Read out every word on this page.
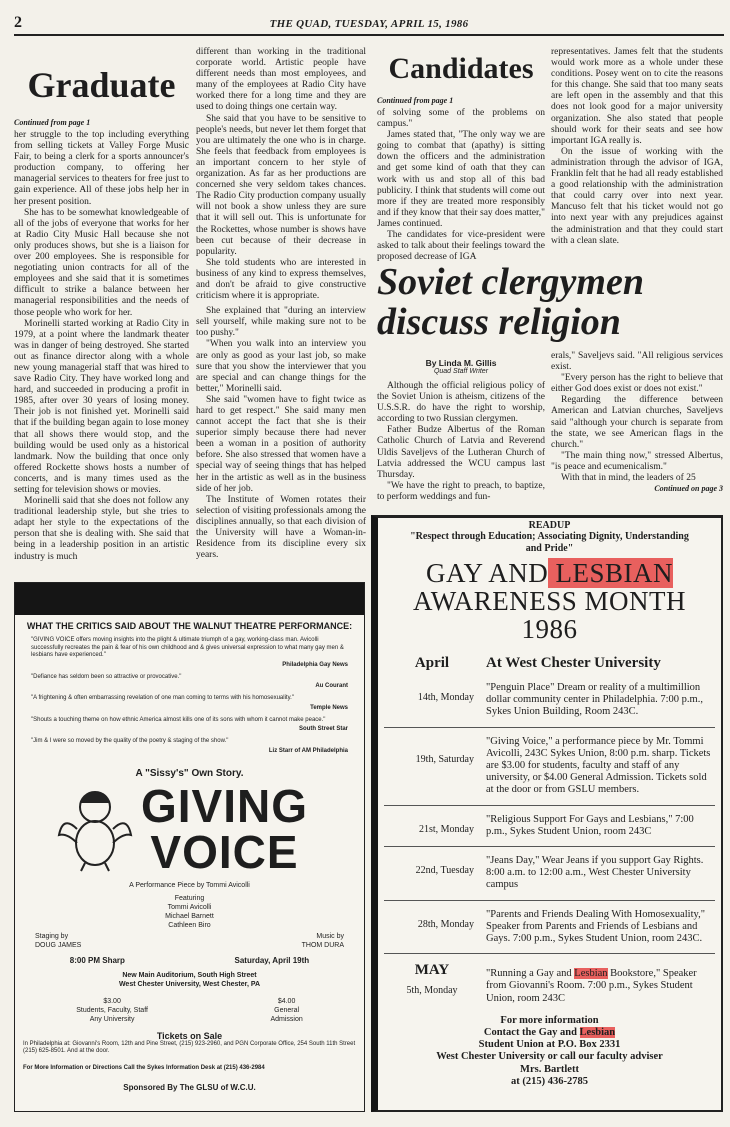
2	THE QUAD, TUESDAY, APRIL 15, 1986
Graduate
Continued from page 1

her struggle to the top including everything from selling tickets at Valley Forge Music Fair, to being a clerk for a sports announcer's production company, to offering her managerial services to theaters for free just to gain experience. All of these jobs help her in her present position.

She has to be somewhat knowledgeable of all of the jobs of everyone that works for her at Radio City Music Hall because she not only produces shows, but she is a liaison for over 200 employees. She is responsible for negotiating union contracts for all of the employees and she said that it is sometimes difficult to strike a balance between her managerial responsibilities and the needs of those people who work for her.

Morinelli started working at Radio City in 1979, at a point where the landmark theater was in danger of being destroyed. She started out as finance director along with a whole new young managerial staff that was hired to save Radio City. They have worked long and hard, and succeeded in producing a profit in 1985, after over 30 years of losing money. Their job is not finished yet. Morinelli said that if the building began again to lose money that all shows there would stop, and the building would be used only as a historical landmark. Now the building that once only offered Rockette shows hosts a number of concerts, and is many times used as the setting for television shows or movies.

Morinelli said that she does not follow any traditional leadership style, but she tries to adapt her style to the expectations of the person that she is dealing with. She said that being in a leadership position in an artistic industry is much

different than working in the traditional corporate world. Artistic people have different needs than most employees, and many of the employees at Radio City have worked there for a long time and they are used to doing things one certain way.

She said that you have to be sensitive to people's needs, but never let them forget that you are ultimately the one who is in charge. She feels that feedback from employees is an important concern to her style of organization. As far as her productions are concerned she very seldom takes chances. The Radio City production company usually will not book a show unless they are sure that it will sell out. This is unfortunate for the Rockettes, whose number is shows have been cut because of their decrease in popularity.

She told students who are interested in business of any kind to express themselves, and don't be afraid to give constructive criticism where it is appropriate.

She explained that "during an interview sell yourself, while making sure not to be too pushy."

"When you walk into an interview you are only as good as your last job, so make sure that you show the interviewer that you are special and can change things for the better," Morinelli said.

She said "women have to fight twice as hard to get respect." She said many men cannot accept the fact that she is their superior simply because there had never been a woman in a position of authority before. She also stressed that women have a special way of seeing things that has helped her in the artistic as well as in the business side of her job.

The Institute of Women rotates their selection of visiting professionals among the disciplines annually, so that each division of the University will have a Woman-in-Residence from its discipline every six years.

Candidates
Continued from page 1

of solving some of the problems on campus."

James stated that, "The only way we are going to combat that (apathy) is sitting down the officers and the administration and get some kind of oath that they can work with us and stop all of this bad publicity. I think that students will come out more if they are treated more responsibly and if they know that their say does matter," James continued.

The candidates for vice-president were asked to talk about their feelings toward the proposed decrease of IGA

representatives. James felt that the students would work more as a whole under these conditions. Posey went on to cite the reasons for this change. She said that too many seats are left open in the assembly and that this does not look good for a major university organization. She also stated that people should work for their seats and see how important IGA really is.

On the issue of working with the administration through the advisor of IGA, Franklin felt that he had all ready established a good relationship with the administration that could carry over into next year. Mancuso felt that his ticket would not go into next year with any prejudices against the administration and that they could start with a clean slate.

Soviet clergymen
discuss religion
By Linda M. Gillis
Quad Staff Writer

Although the official religious policy of the Soviet Union is atheism, citizens of the U.S.S.R. do have the right to worship, according to two Russian clergymen.

Father Budze Albertus of the Roman Catholic Church of Latvia and Reverend Uldis Saveljevs of the Lutheran Church of Latvia addressed the WCU campus last Thursday.

"We have the right to preach, to baptize, to perform weddings and fun-

erals," Saveljevs said. "All religious services exist.

"Every person has the right to believe that either God does exist or does not exist."

Regarding the difference between American and Latvian churches, Saveljevs said "although your church is separate from the state, we see American flags in the church."

"The main thing now," stressed Albertus, "is peace and ecumenicalism."

With that in mind, the leaders of 25

Continued on page 3
WHAT THE CRITICS SAID ABOUT THE WALNUT THEATRE PERFORMANCE:
"GIVING VOICE offers moving insights into the plight & ultimate triumph of a gay, working-class man. Avicolli successfully recreates the pain & fear of his own childhood and & gives universal expression to what many gay men & lesbians have experienced."
Philadelphia Gay News
"Defiance has seldom been so attractive or provocative."
Au Courant
"A frightening & often embarrassing revelation of one man coming to terms with his homosexuality."
Temple News
"Shouts a touching theme on how ethnic America almost kills one of its sons with whom it cannot make peace."
South Street Star
"Jim & I were so moved by the quality of the poetry & staging of the show."
Liz Starr of AM Philadelphia
A "Sissy's" Own Story.
GIVING
VOICE
A Performance Piece by Tommi Avicolli
Featuring
Tommi Avicolli
Michael Barnett
Cathleen Biro
Staging by
DOUG JAMES
Music by
THOM DURA
8:00 PM Sharp	Saturday, April 19th
New Main Auditorium, South High Street
West Chester University, West Chester, PA
$3.00
Students, Faculty, Staff
Any University
$4.00
General
Admission
Tickets on Sale
In Philadelphia at: Giovanni's Room, 12th and Pine Street, (215) 923-2960, and PGN Corporate Office, 254 South 11th Street (215) 625-8501. And at the door.
For More Information or Directions Call the Sykes Information Desk at (215) 436-2984
Sponsored By The GLSU of W.C.U.
READUP
"Respect through Education; Associating Dignity, Understanding and Pride"
GAY AND LESBIAN
AWARENESS MONTH
1986
April	At West Chester University
14th, Monday
"Penguin Place" Dream or reality of a multimillion dollar community center in Philadelphia. 7:00 p.m., Sykes Union Building, Room 243C.
19th, Saturday
"Giving Voice," a performance piece by Mr. Tommi Avicolli, 243C Sykes Union, 8:00 p.m. sharp. Tickets are $3.00 for students, faculty and staff of any university, or $4.00 General Admission. Tickets sold at the door or from GSLU members.
21st, Monday
"Religious Support For Gays and Lesbians," 7:00 p.m., Sykes Student Union, room 243C
22nd, Tuesday
"Jeans Day," Wear Jeans if you support Gay Rights. 8:00 a.m. to 12:00 a.m., West Chester University campus
28th, Monday
"Parents and Friends Dealing With Homosexuality," Speaker from Parents and Friends of Lesbians and Gays. 7:00 p.m., Sykes Student Union, room 243C.
MAY
5th, Monday
"Running a Gay and Lesbian Bookstore," Speaker from Giovanni's Room. 7:00 p.m., Sykes Student Union, room 243C
For more information
Contact the Gay and Lesbian
Student Union at P.O. Box 2331
West Chester University or call our faculty adviser
Mrs. Bartlett
at (215) 436-2785
